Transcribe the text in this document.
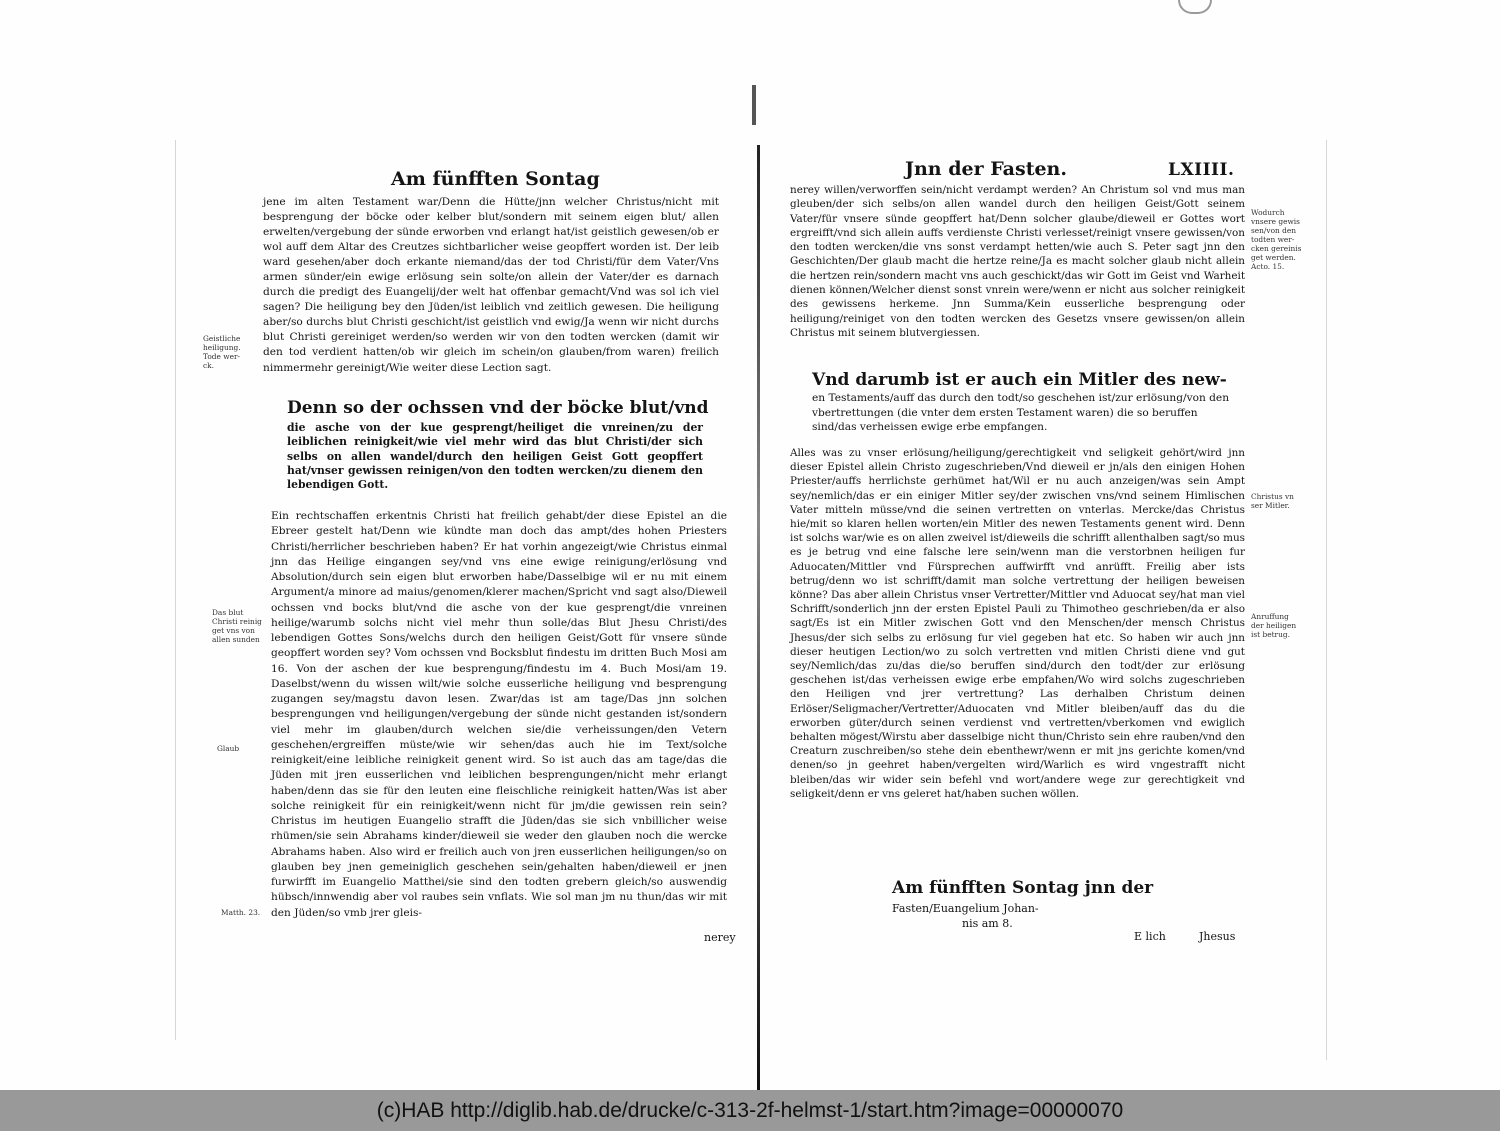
Am fünfften Sontag

jene im alten Testament war/Denn die Hütte/jnn welcher Christus/nicht mit besprengung der böcke oder kelber blut/sondern mit seinem eigen blut/ allen erwelten/vergebung der sünde erworben vnd erlangt hat/ist geistlich gewesen/ob er wol auff dem Altar des Creutzes sichtbarlicher weise geopffert worden ist. Der leib ward gesehen/aber doch erkante niemand/das der tod Christi/für dem Vater/Vns armen sünder/ein ewige erlösung sein solte/on allein der Vater/der es darnach durch die predigt des Euangelij/der welt hat offenbar gemacht/Vnd was sol ich viel sagen? Die heiligung bey den Jüden/ist leiblich vnd zeitlich gewesen. Die heiligung aber/so durchs blut Christi geschicht/ist geistlich vnd ewig/Ja wenn wir nicht durchs blut Christi gereiniget werden/so werden wir von den todten wercken (damit wir den tod verdient hatten/ob wir gleich im schein/on glauben/from waren) freilich nimmermehr gereinigt/Wie weiter diese Lection sagt.

Denn so der ochssen vnd der böcke blut/vnd

die asche von der kue gesprengt/heiliget die vnreinen/zu der leiblichen reinigkeit/wie viel mehr wird das blut Christi/der sich selbs on allen wandel/durch den heiligen Geist Gott geopffert hat/vnser gewissen reinigen/von den todten wercken/zu dienem den lebendigen Gott.

Ein rechtschaffen erkentnis Christi hat freilich gehabt/der diese Epistel an die Ebreer gestelt hat/Denn wie kündte man doch das ampt/des hohen Priesters Christi/herrlicher beschrieben haben? Er hat vorhin angezeigt/wie Christus einmal jnn das Heilige eingangen sey/vnd vns eine ewige reinigung/erlösung vnd Absolution/durch sein eigen blut erworben habe/Dasselbige wil er nu mit einem Argument/a minore ad maius/genomen/klerer machen/Spricht vnd sagt also/Dieweil ochssen vnd bocks blut/vnd die asche von der kue gesprengt/die vnreinen heilige/warumb solchs nicht viel mehr thun solle/das Blut Jhesu Christi/des lebendigen Gottes Sons/welchs durch den heiligen Geist/Gott für vnsere sünde geopffert worden sey? Vom ochssen vnd Bocksblut findestu im dritten Buch Mosi am 16. Von der aschen der kue besprengung/findestu im 4. Buch Mosi/am 19. Daselbst/wenn du wissen wilt/wie solche eusserliche heiligung vnd besprengung zugangen sey/magstu davon lesen. Zwar/das ist am tage/Das jnn solchen besprengungen vnd heiligungen/vergebung der sünde nicht gestanden ist/sondern viel mehr im glauben/durch welchen sie/die verheissungen/den Vetern geschehen/ergreiffen müste/wie wir sehen/das auch hie im Text/solche reinigkeit/eine leibliche reinigkeit genent wird. So ist auch das am tage/das die Jüden mit jren eusserlichen vnd leiblichen besprengungen/nicht mehr erlangt haben/denn das sie für den leuten eine fleischliche reinigkeit hatten/Was ist aber solche reinigkeit für ein reinigkeit/wenn nicht für jm/die gewissen rein sein? Christus im heutigen Euangelio strafft die Jüden/das sie sich vnbillicher weise rhümen/sie sein Abrahams kinder/dieweil sie weder den glauben noch die wercke Abrahams haben. Also wird er freilich auch von jren eusserlichen heiligungen/so on glauben bey jnen gemeiniglich geschehen sein/gehalten haben/dieweil er jnen furwirfft im Euangelio Matthei/sie sind den todten grebern gleich/so auswendig hübsch/innwendig aber vol raubes sein vnflats. Wie sol man jm nu thun/das wir mit den Jüden/so vmb jrer gleis-

nerey
Geistliche
heiligung.
Tode wer-
ck.
Das blut
Christi reinig
get vns von
allen sunden
Glaub
Matth. 23.
Jnn der Fasten.	LXIIII.

nerey willen/verworffen sein/nicht verdampt werden? An Christum sol vnd mus man gleuben/der sich selbs/on allen wandel durch den heiligen Geist/Gott seinem Vater/für vnsere sünde geopffert hat/Denn solcher glaube/dieweil er Gottes wort ergreifft/vnd sich allein auffs verdienste Christi verlesset/reinigt vnsere gewissen/von den todten wercken/die vns sonst verdampt hetten/wie auch S. Peter sagt jnn den Geschichten/Der glaub macht die hertze reine/Ja es macht solcher glaub nicht allein die hertzen rein/sondern macht vns auch geschickt/das wir Gott im Geist vnd Warheit dienen können/Welcher dienst sonst vnrein were/wenn er nicht aus solcher reinigkeit des gewissens herkeme. Jnn Summa/Kein eusserliche besprengung oder heiligung/reiniget von den todten wercken des Gesetzs vnsere gewissen/on allein Christus mit seinem blutvergiessen.

Vnd darumb ist er auch ein Mitler des new-
en Testaments/auff das durch den todt/so geschehen ist/zur erlösung/von den vbertrettungen (die vnter dem ersten Testament waren) die so beruffen sind/das verheissen ewige erbe empfangen.

Alles was zu vnser erlösung/heiligung/gerechtigkeit vnd seligkeit gehört/wird jnn dieser Epistel allein Christo zugeschrieben/Vnd dieweil er jn/als den einigen Hohen Priester/auffs herrlichste gerhümet hat/Wil er nu auch anzeigen/was sein Ampt sey/nemlich/das er ein einiger Mitler sey/der zwischen vns/vnd seinem Himlischen Vater mitteln müsse/vnd die seinen vertretten on vnterlas. Mercke/das Christus hie/mit so klaren hellen worten/ein Mitler des newen Testaments genent wird. Denn ist solchs war/wie es on allen zweivel ist/dieweils die schrifft allenthalben sagt/so mus es je betrug vnd eine falsche lere sein/wenn man die verstorbnen heiligen fur Aduocaten/Mittler vnd Fürsprechen auffwirfft vnd anrüfft. Freilig aber ists betrug/denn wo ist schrifft/damit man solche vertrettung der heiligen beweisen könne? Das aber allein Christus vnser Vertretter/Mittler vnd Aduocat sey/hat man viel Schrifft/sonderlich jnn der ersten Epistel Pauli zu Thimotheo geschrieben/da er also sagt/Es ist ein Mitler zwischen Gott vnd den Menschen/der mensch Christus Jhesus/der sich selbs zu erlösung fur viel gegeben hat etc. So haben wir auch jnn dieser heutigen Lection/wo zu solch vertretten vnd mitlen Christi diene vnd gut sey/Nemlich/das zu/das die/so beruffen sind/durch den todt/der zur erlösung geschehen ist/das verheissen ewige erbe empfahen/Wo wird solchs zugeschrieben den Heiligen vnd jrer vertrettung? Las derhalben Christum deinen Erlöser/Seligmacher/Vertretter/Aduocaten vnd Mitler bleiben/auff das du die erworben güter/durch seinen verdienst vnd vertretten/vberkomen vnd ewiglich behalten mögest/Wirstu aber dasselbige nicht thun/Christo sein ehre rauben/vnd den Creaturn zuschreiben/so stehe dein ebenthewr/wenn er mit jns gerichte komen/vnd denen/so jn geehret haben/vergelten wird/Warlich es wird vngestrafft nicht bleiben/das wir wider sein befehl vnd wort/andere wege zur gerechtigkeit vnd seligkeit/denn er vns geleret hat/haben suchen wöllen.

Am fünfften Sontag jnn der
Fasten/Euangelium Johan-
nis am 8.
E lich	Jhesus
Wodurch
vnsere gewis
sen/von den
todten wer-
cken gereinis
get werden.
Acto. 15.
Christus vn
ser Mitler.
Anruffung
der heiligen
ist betrug.
(c)HAB http://diglib.hab.de/drucke/c-313-2f-helmst-1/start.htm?image=00000070
